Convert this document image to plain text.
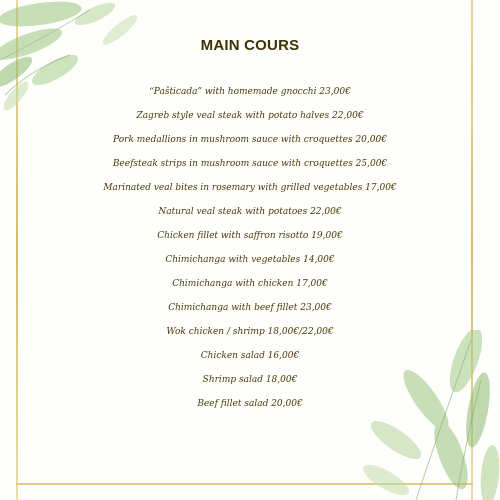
MAIN COURS
“Pašticada” with homemade gnocchi 23,00€
Zagreb style veal steak with potato halves 22,00€
Pork medallions in mushroom sauce with croquettes 20,00€
Beefsteak strips in mushroom sauce with croquettes 25,00€
Marinated veal bites in rosemary with grilled vegetables 17,00€
Natural veal steak with potatoes 22,00€
Chicken fillet with saffron risotto 19,00€
Chimichanga with vegetables 14,00€
Chimichanga with chicken 17,00€
Chimichanga with beef fillet 23,00€
Wok chicken / shrimp 18,00€/22,00€
Chicken salad 16,00€
Shrimp salad 18,00€
Beef fillet salad 20,00€
